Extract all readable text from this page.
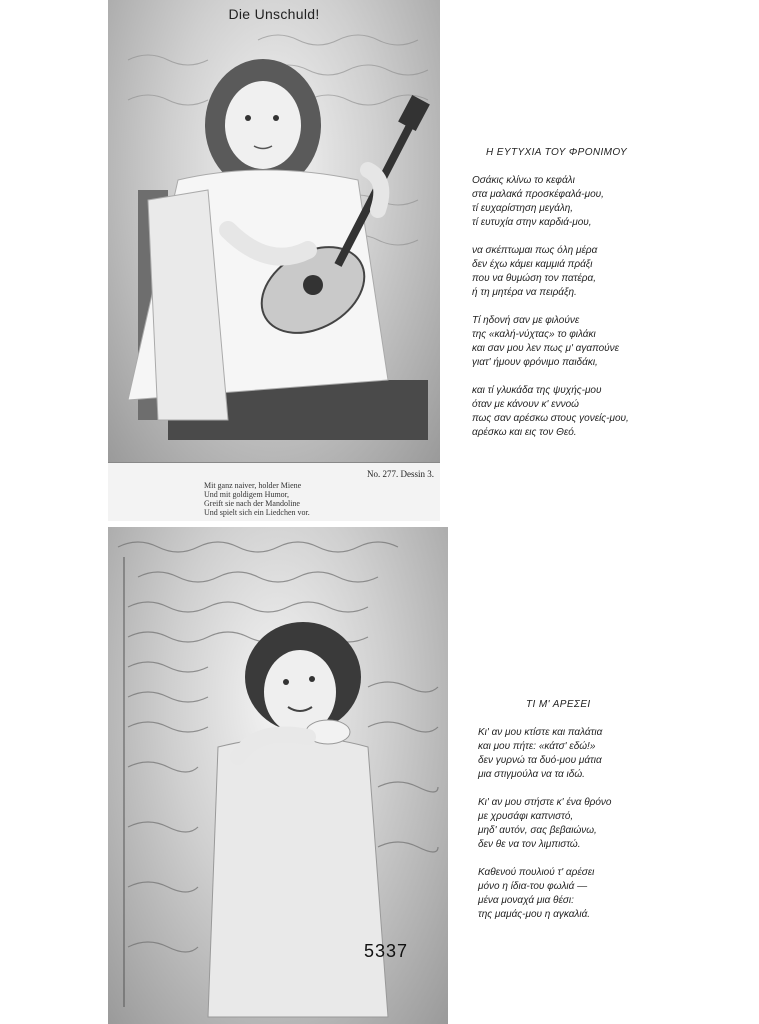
Die Unschuld!
No. 277. Dessin 3.
Mit ganz naiver, holder Miene
Und mit goldigem Humor,
Greift sie nach der Mandoline
Und spielt sich ein Liedchen vor.
5337
Η ΕΥΤΥΧΙΑ ΤΟΥ ΦΡΟΝΙΜΟΥ
Οσάκις κλίνω το κεφάλι
στα μαλακά προσκέφαλά-μου,
τί ευχαρίστηση μεγάλη,
τί ευτυχία στην καρδιά-μου,
να σκέπτωμαι πως όλη μέρα
δεν έχω κάμει καμμιά πράξι
που να θυμώση τον πατέρα,
ή τη μητέρα να πειράξη.
Τί ηδονή σαν με φιλούνε
της «καλή-νύχτας» το φιλάκι
και σαν μου λεν πως μ' αγαπούνε
γιατ' ήμουν φρόνιμο παιδάκι,
και τί γλυκάδα της ψυχής-μου
όταν με κάνουν κ' εννοώ
πως σαν αρέσκω στους γονείς-μου,
αρέσκω και εις τον Θεό.
ΤΙ Μ' ΑΡΕΣΕΙ
Κι' αν μου κτίστε και παλάτια
και μου πήτε: «κάτσ' εδώ!»
δεν γυρνώ τα δυό-μου μάτια
μια στιγμούλα να τα ιδώ.
Κι' αν μου στήστε κ' ένα θρόνο
με χρυσάφι καπνιστό,
μηδ' αυτόν, σας βεβαιώνω,
δεν θε να τον λιμπιστώ.
Καθενού πουλιού τ' αρέσει
μόνο η ίδια-του φωλιά —
μένα μοναχά μια θέσι:
της μαμάς-μου η αγκαλιά.
